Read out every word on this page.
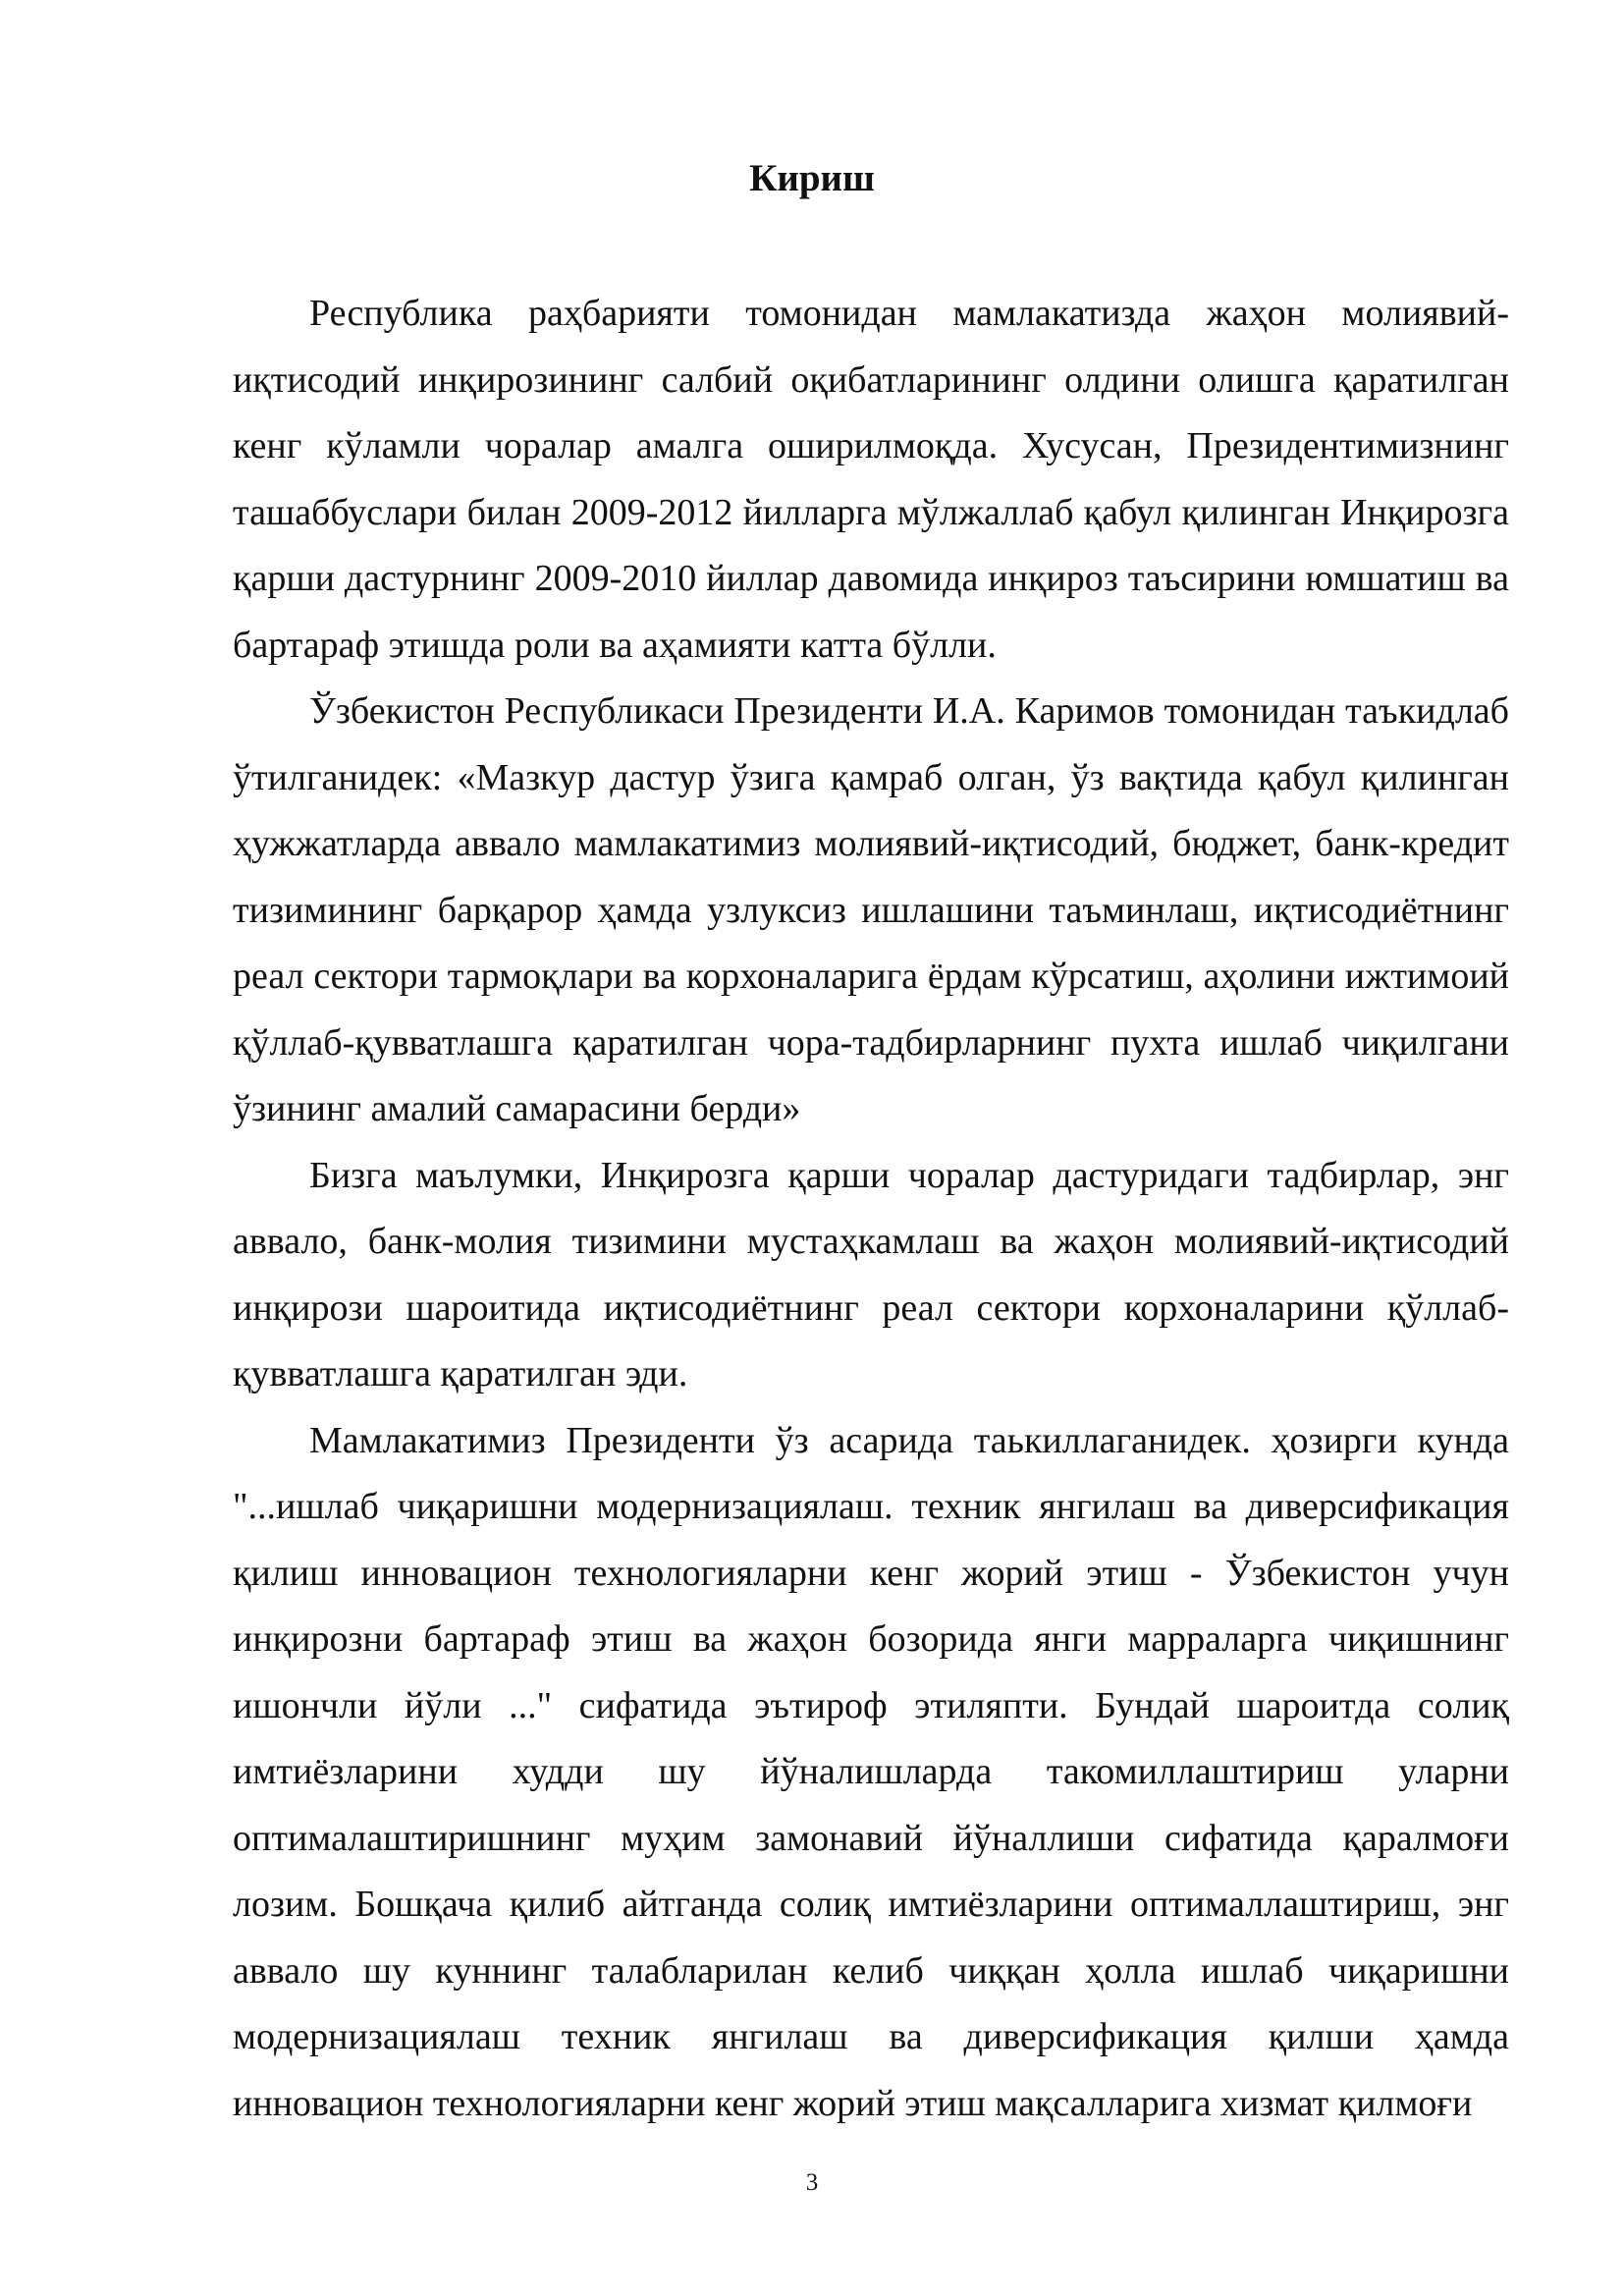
Кириш

Республика раҳбарияти томонидан мамлакатизда жаҳон молиявий-иқтисодий инқирозининг салбий оқибатларининг олдини олишга қаратилган кенг кўламли чоралар амалга оширилмоқда. Хусусан, Президентимизнинг ташаббуслари билан 2009-2012 йилларга мўлжаллаб қабул қилинган Инқирозга қарши дастурнинг 2009-2010 йиллар давомида инқироз таъсирини юмшатиш ва бартараф этишда роли ва аҳамияти катта бўлли.

Ўзбекистон Республикаси Президенти И.А. Каримов томонидан таъкидлаб ўтилганидек: «Мазкур дастур ўзига қамраб олган, ўз вақтида қабул қилинган ҳужжатларда аввало мамлакатимиз молиявий-иқтисодий, бюджет, банк-кредит тизимининг барқарор ҳамда узлуксиз ишлашини таъминлаш, иқтисодиётнинг реал сектори тармоқлари ва корхоналарига ёрдам кўрсатиш, аҳолини ижтимоий қўллаб-қувватлашга қаратилган чора-тадбирларнинг пухта ишлаб чиқилгани ўзининг амалий самарасини берди»

Бизга маълумки, Инқирозга қарши чоралар дастуридаги тадбирлар, энг аввало, банк-молия тизимини мустаҳкамлаш ва жаҳон молиявий-иқтисодий инқирози шароитида иқтисодиётнинг реал сектори корхоналарини қўллаб-қувватлашга қаратилган эди.

Мамлакатимиз Президенти ўз асарида таькиллаганидек. ҳозирги кунда "...ишлаб чиқаришни модернизациялаш. техник янгилаш ва диверсификация қилиш инновацион технологияларни кенг жорий этиш - Ўзбекистон учун инқирозни бартараф этиш ва жаҳон бозорида янги марраларга чиқишнинг ишончли йўли ..." сифатида эътироф этиляпти. Бундай шароитда солиқ имтиёзларини худди шу йўналишларда такомиллаштириш уларни оптималаштиришнинг муҳим замонавий йўналлиши сифатида қаралмоғи лозим. Бошқача қилиб айтганда солиқ имтиёзларини оптималлаштириш, энг аввало шу куннинг талабларилан келиб чиққан ҳолла ишлаб чиқаришни модернизациялаш техник янгилаш ва диверсификация қилши ҳамда инновацион технологияларни кенг жорий этиш мақсалларига хизмат қилмоғи

3
